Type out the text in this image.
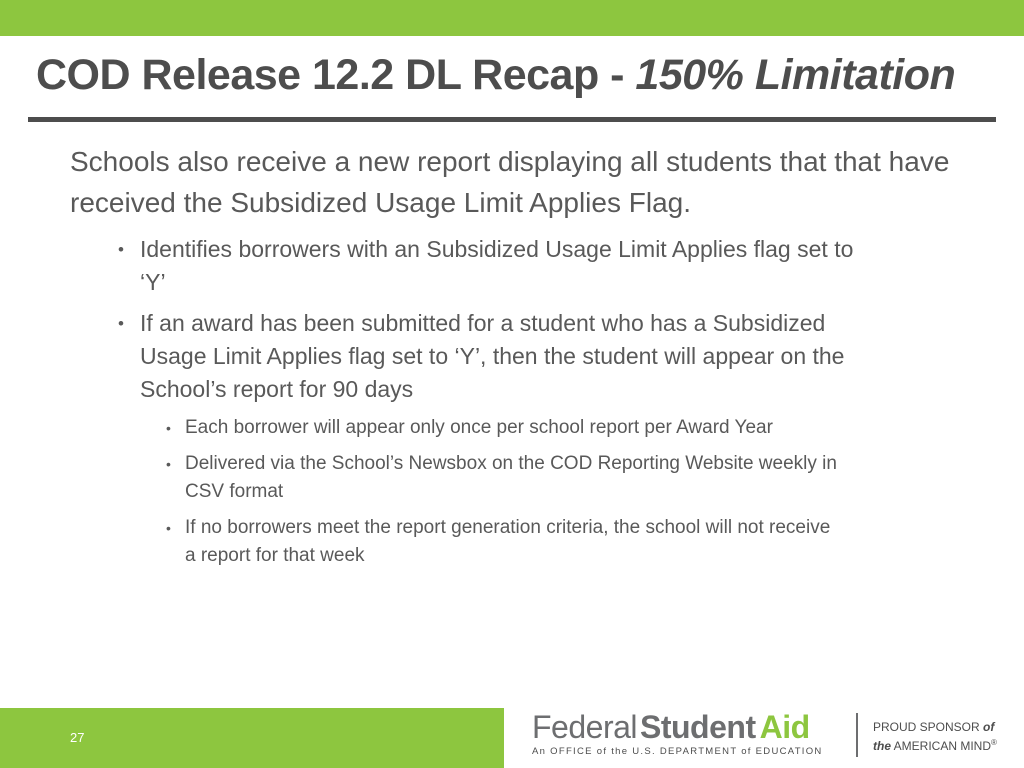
COD Release 12.2 DL Recap - 150% Limitation

Schools also receive a new report displaying all students that that have received the Subsidized Usage Limit Applies Flag.

• Identifies borrowers with an Subsidized Usage Limit Applies flag set to ‘Y’

• If an award has been submitted for a student who has a Subsidized Usage Limit Applies flag set to ‘Y’, then the student will appear on the School’s report for 90 days

• Each borrower will appear only once per school report per Award Year

• Delivered via the School’s Newsbox on the COD Reporting Website weekly in CSV format

• If no borrowers meet the report generation criteria, the school will not receive a report for that week

27	FederalStudent Aid
An OFFICE of the U.S. DEPARTMENT of EDUCATION
PROUD SPONSOR of
the AMERICAN MIND®
